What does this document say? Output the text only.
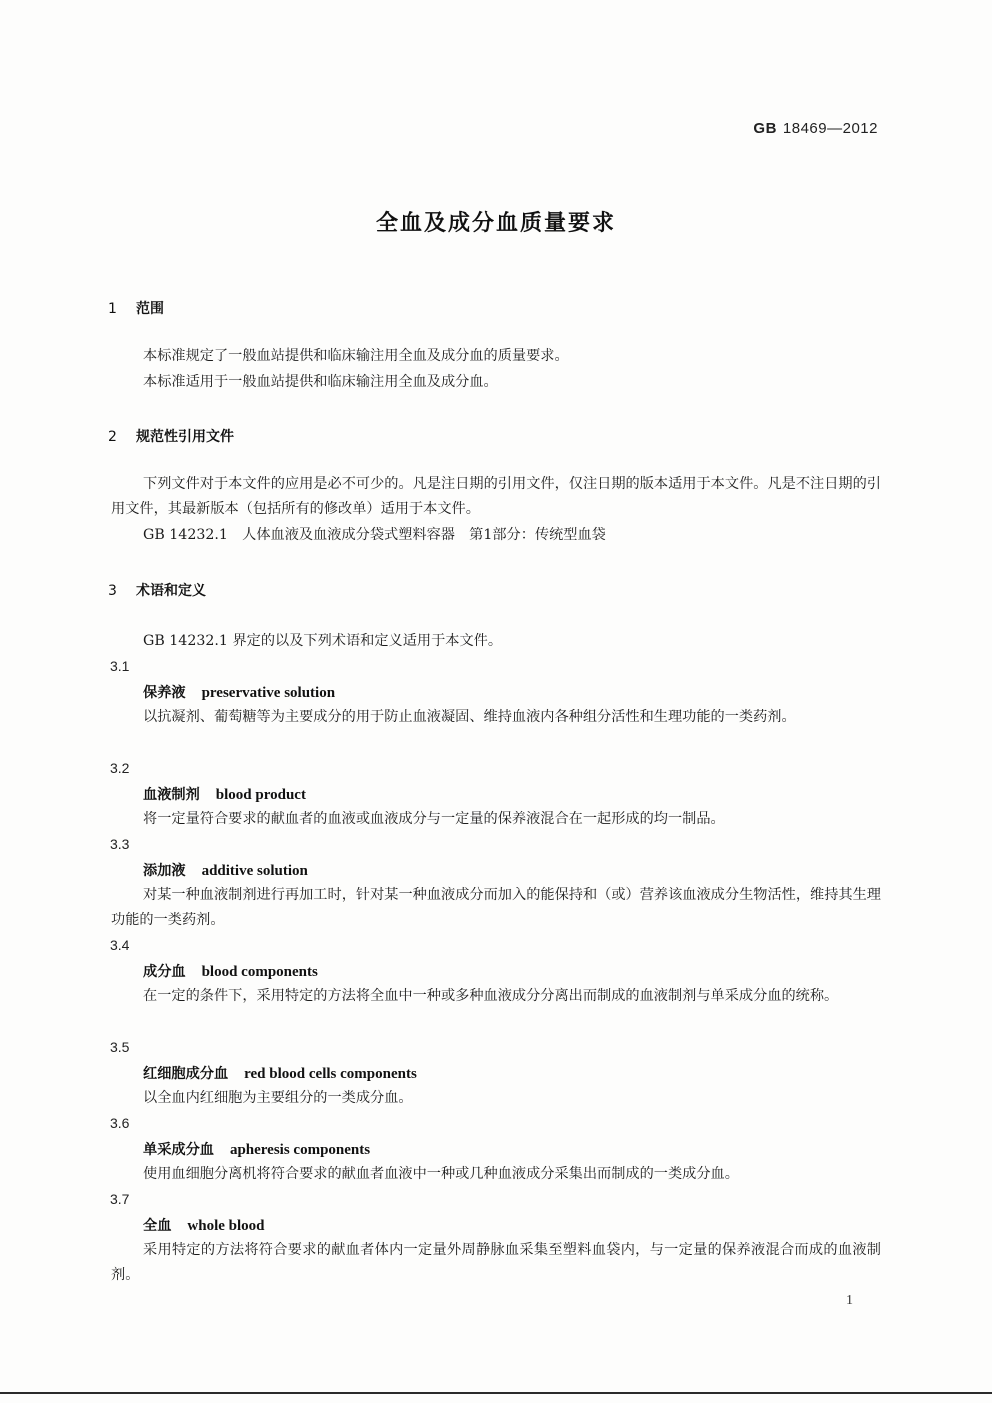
GB 18469—2012
全血及成分血质量要求
1 范围
本标准规定了一般血站提供和临床输注用全血及成分血的质量要求。
本标准适用于一般血站提供和临床输注用全血及成分血。
2 规范性引用文件
下列文件对于本文件的应用是必不可少的。凡是注日期的引用文件，仅注日期的版本适用于本文件。凡是不注日期的引用文件，其最新版本（包括所有的修改单）适用于本文件。
GB 14232.1　人体血液及血液成分袋式塑料容器　第1部分：传统型血袋
3 术语和定义
GB 14232.1 界定的以及下列术语和定义适用于本文件。
3.1
保养液 preservative solution
以抗凝剂、葡萄糖等为主要成分的用于防止血液凝固、维持血液内各种组分活性和生理功能的一类药剂。
3.2
血液制剂 blood product
将一定量符合要求的献血者的血液或血液成分与一定量的保养液混合在一起形成的均一制品。
3.3
添加液 additive solution
对某一种血液制剂进行再加工时，针对某一种血液成分而加入的能保持和（或）营养该血液成分生物活性，维持其生理功能的一类药剂。
3.4
成分血 blood components
在一定的条件下，采用特定的方法将全血中一种或多种血液成分分离出而制成的血液制剂与单采成分血的统称。
3.5
红细胞成分血 red blood cells components
以全血内红细胞为主要组分的一类成分血。
3.6
单采成分血 apheresis components
使用血细胞分离机将符合要求的献血者血液中一种或几种血液成分采集出而制成的一类成分血。
3.7
全血 whole blood
采用特定的方法将符合要求的献血者体内一定量外周静脉血采集至塑料血袋内，与一定量的保养液混合而成的血液制剂。
1
